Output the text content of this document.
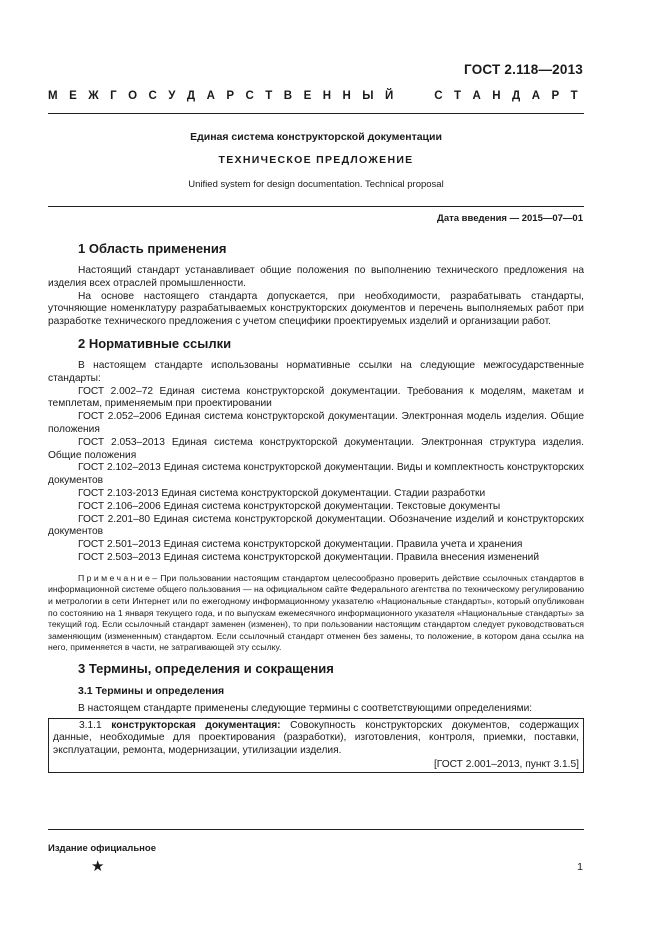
ГОСТ 2.118—2013
М Е Ж Г О С У Д А Р С Т В Е Н Н Ы Й	С Т А Н Д А Р Т
Единая система конструкторской документации
ТЕХНИЧЕСКОЕ ПРЕДЛОЖЕНИЕ
Unified system for design documentation. Technical proposal
Дата введения — 2015—07—01
1 Область применения

Настоящий стандарт устанавливает общие положения по выполнению технического предложения на изделия всех отраслей промышленности.

На основе настоящего стандарта допускается, при необходимости, разрабатывать стандарты, уточняющие номенклатуру разрабатываемых конструкторских документов и перечень выполняемых работ при разработке технического предложения с учетом специфики проектируемых изделий и организации работ.

2 Нормативные ссылки

В настоящем стандарте использованы нормативные ссылки на следующие межгосударственные стандарты:

ГОСТ 2.002–72 Единая система конструкторской документации. Требования к моделям, макетам и темплетам, применяемым при проектировании

ГОСТ 2.052–2006 Единая система конструкторской документации. Электронная модель изделия. Общие положения

ГОСТ 2.053–2013 Единая система конструкторской документации. Электронная структура изделия. Общие положения

ГОСТ 2.102–2013 Единая система конструкторской документации. Виды и комплектность конструкторских документов

ГОСТ 2.103-2013 Единая система конструкторской документации. Стадии разработки

ГОСТ 2.106–2006 Единая система конструкторской документации. Текстовые документы

ГОСТ 2.201–80 Единая система конструкторской документации. Обозначение изделий и конструкторских документов

ГОСТ 2.501–2013 Единая система конструкторской документации. Правила учета и хранения

ГОСТ 2.503–2013 Единая система конструкторской документации. Правила внесения изменений

Примечание– При пользовании настоящим стандартом целесообразно проверить действие ссылочных стандартов в информационной системе общего пользования — на официальном сайте Федерального агентства по техническому регулированию и метрологии в сети Интернет или по ежегодному информационному указателю «Национальные стандарты», который опубликован по состоянию на 1 января текущего года, и по выпускам ежемесячного информационного указателя «Национальные стандарты» за текущий год. Если ссылочный стандарт заменен (изменен), то при пользовании настоящим стандартом следует руководствоваться заменяющим (измененным) стандартом. Если ссылочный стандарт отменен без замены, то положение, в котором дана ссылка на него, применяется в части, не затрагивающей эту ссылку.
3 Термины, определения и сокращения
3.1 Термины и определения

В настоящем стандарте применены следующие термины с соответствующими определениями:

3.1.1 конструкторская документация: Совокупность конструкторских документов, содержащих данные, необходимые для проектирования (разработки), изготовления, контроля, приемки, поставки, эксплуатации, ремонта, модернизации, утилизации изделия.

[ГОСТ 2.001–2013, пункт 3.1.5]
Издание официальное
★	1
